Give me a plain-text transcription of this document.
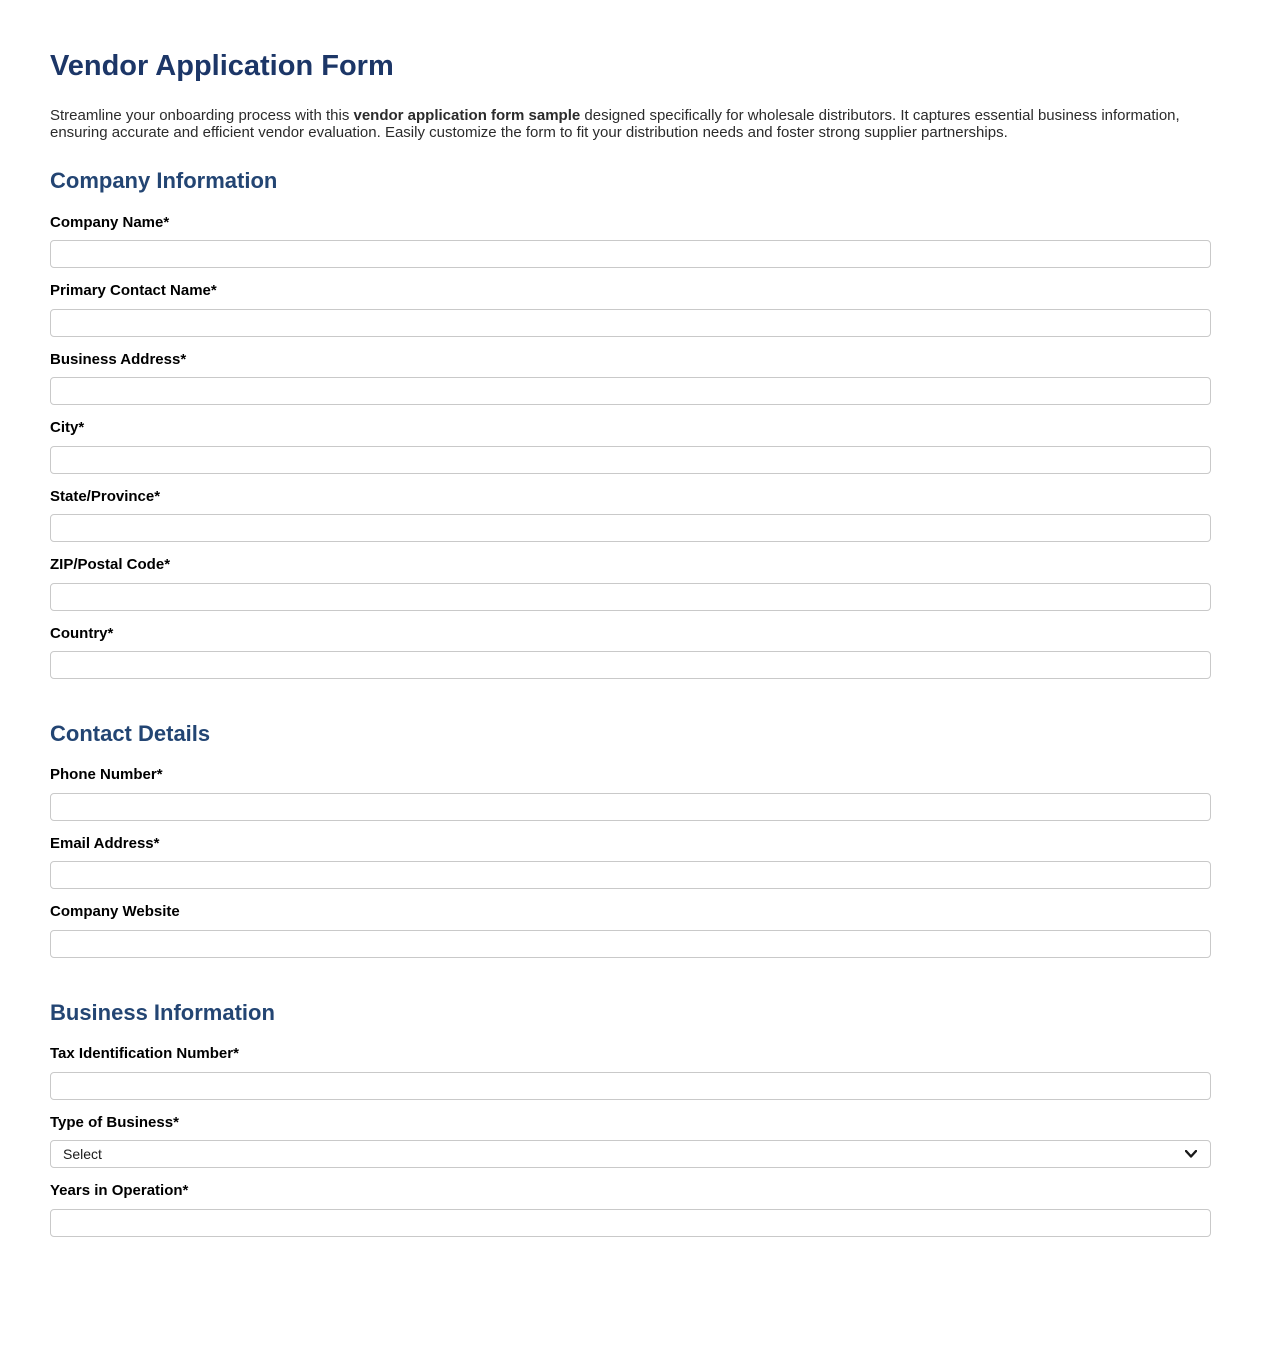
Vendor Application Form

Streamline your onboarding process with this vendor application form sample designed specifically for wholesale distributors. It captures essential business information, ensuring accurate and efficient vendor evaluation. Easily customize the form to fit your distribution needs and foster strong supplier partnerships.

Company Information
Company Name*
Primary Contact Name*
Business Address*
City*
State/Province*
ZIP/Postal Code*
Country*
Contact Details
Phone Number*
Email Address*
Company Website
Business Information
Tax Identification Number*
Type of Business*
Select
Years in Operation*
